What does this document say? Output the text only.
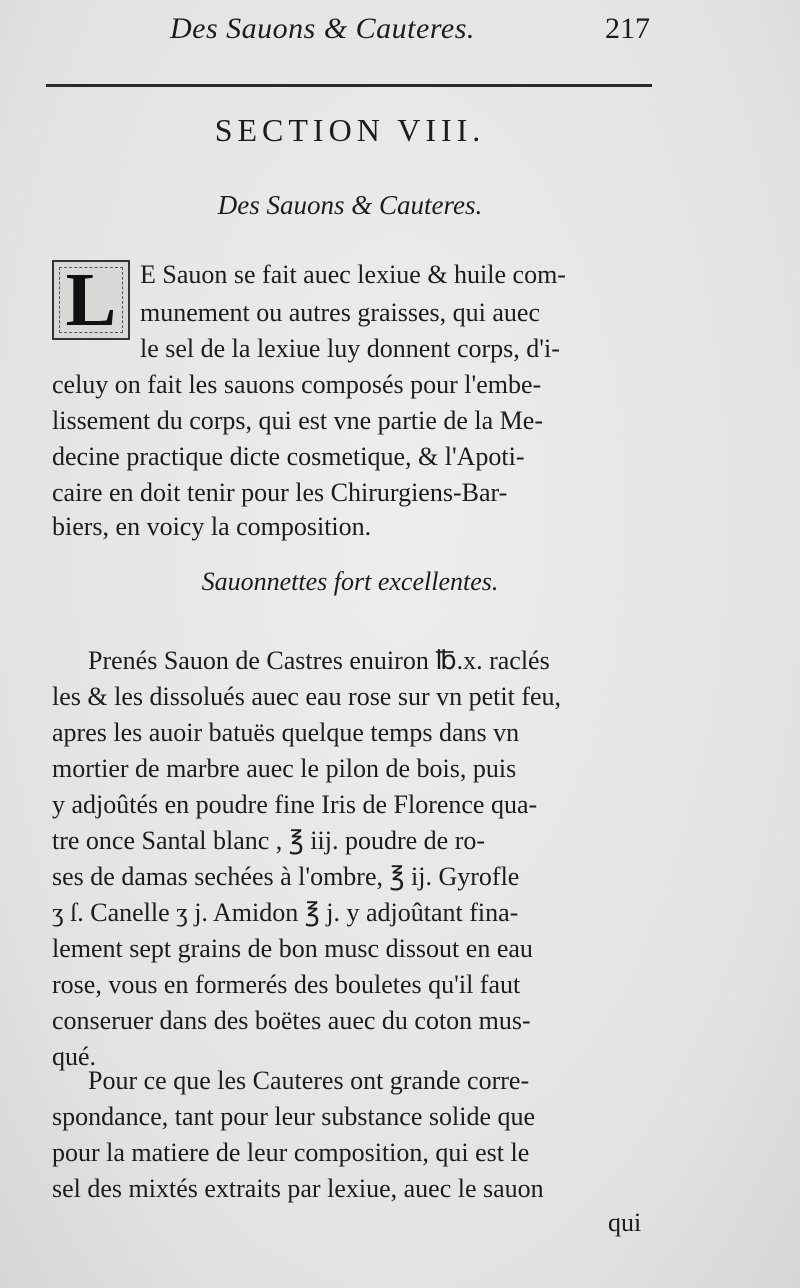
Des Sauons & Cauteres.	217
SECTION VIII.
Des Sauons & Cauteres.
L E Sauon se fait auec lexiue & huile com-
munement ou autres graisses, qui auec
le sel de la lexiue luy donnent corps, d'i-
celuy on fait les sauons composés pour l'embe-
lissement du corps, qui est vne partie de la Me-
decine practique dicte cosmetique, & l'Apoti-
caire en doit tenir pour les Chirurgiens-Bar-
biers, en voicy la composition.
Sauonnettes fort excellentes.
Prenés Sauon de Castres enuiron ℔.x. raclés
les & les dissolués auec eau rose sur vn petit feu,
apres les auoir batuës quelque temps dans vn
mortier de marbre auec le pilon de bois, puis
y adjoûtés en poudre fine Iris de Florence qua-
tre once Santal blanc , ℥ iij. poudre de ro-
ses de damas sechées à l'ombre, ℥ ij. Gyrofle
ʒ ſ. Canelle ʒ j. Amidon ℥ j. y adjoûtant fina-
lement sept grains de bon musc dissout en eau
rose, vous en formerés des bouletes qu'il faut
conseruer dans des boëtes auec du coton mus-
qué.
Pour ce que les Cauteres ont grande corre-
spondance, tant pour leur substance solide que
pour la matiere de leur composition, qui est le
sel des mixtés extraits par lexiue, auec le sauon
qui
